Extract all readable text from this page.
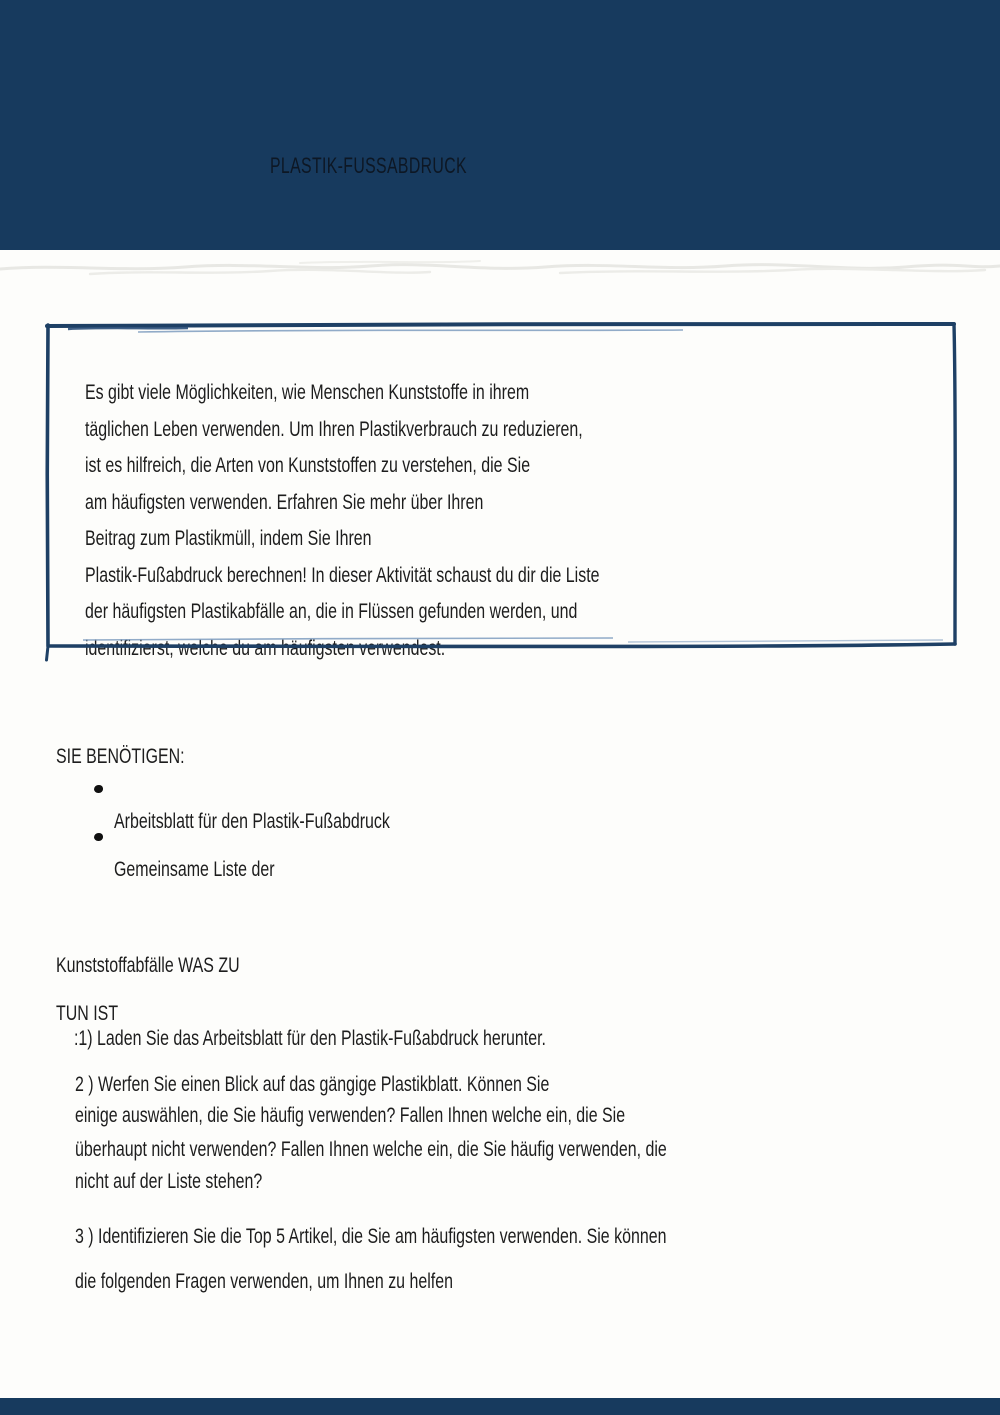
PLASTIK-FUSSABDRUCK
Es gibt viele Möglichkeiten, wie Menschen Kunststoffe in ihrem
täglichen Leben verwenden. Um Ihren Plastikverbrauch zu reduzieren,
ist es hilfreich, die Arten von Kunststoffen zu verstehen, die Sie
am häufigsten verwenden. Erfahren Sie mehr über Ihren
Beitrag zum Plastikmüll, indem Sie Ihren
Plastik-Fußabdruck berechnen! In dieser Aktivität schaust du dir die Liste
der häufigsten Plastikabfälle an, die in Flüssen gefunden werden, und
identifizierst, welche du am häufigsten verwendest.
SIE BENÖTIGEN:
Arbeitsblatt für den Plastik-Fußabdruck
Gemeinsame Liste der
Kunststoffabfälle WAS ZU
TUN IST
:1) Laden Sie das Arbeitsblatt für den Plastik-Fußabdruck herunter.
2 ) Werfen Sie einen Blick auf das gängige Plastikblatt. Können Sie
einige auswählen, die Sie häufig verwenden? Fallen Ihnen welche ein, die Sie
überhaupt nicht verwenden? Fallen Ihnen welche ein, die Sie häufig verwenden, die
nicht auf der Liste stehen?
3 ) Identifizieren Sie die Top 5 Artikel, die Sie am häufigsten verwenden. Sie können
die folgenden Fragen verwenden, um Ihnen zu helfen
